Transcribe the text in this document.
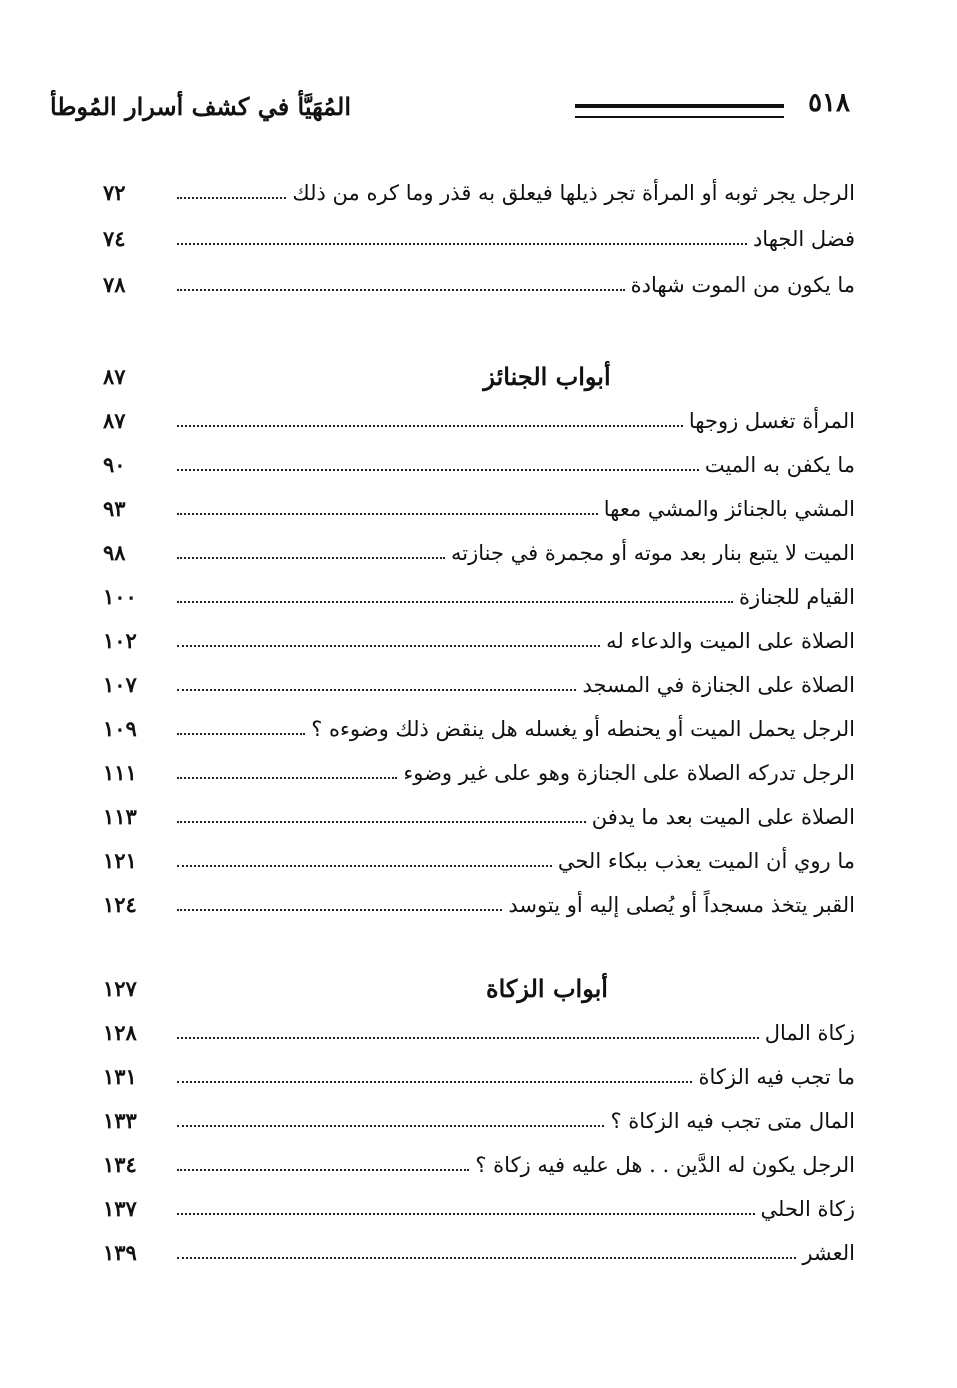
٥١٨
المُهَيَّأ في كشف أسرار المُوطأ
الرجل يجر ثوبه أو المرأة تجر ذيلها فيعلق به قذر وما كره من ذلك
٧٢
فضل الجهاد
٧٤
ما يكون من الموت شهادة
٧٨
أبواب الجنائز
٨٧
المرأة تغسل زوجها
٨٧
ما يكفن به الميت
٩٠
المشي بالجنائز والمشي معها
٩٣
الميت لا يتبع بنار بعد موته أو مجمرة في جنازته
٩٨
القيام للجنازة
١٠٠
الصلاة على الميت والدعاء له
١٠٢
الصلاة على الجنازة في المسجد
١٠٧
الرجل يحمل الميت أو يحنطه أو يغسله هل ينقض ذلك وضوءه ؟
١٠٩
الرجل تدركه الصلاة على الجنازة وهو على غير وضوء
١١١
الصلاة على الميت بعد ما يدفن
١١٣
ما روي أن الميت يعذب ببكاء الحي
١٢١
القبر يتخذ مسجداً أو يُصلى إليه أو يتوسد
١٢٤
أبواب الزكاة
١٢٧
زكاة المال
١٢٨
ما تجب فيه الزكاة
١٣١
المال متى تجب فيه الزكاة ؟
١٣٣
الرجل يكون له الدَّين . . هل عليه فيه زكاة ؟
١٣٤
زكاة الحلي
١٣٧
العشر
١٣٩
